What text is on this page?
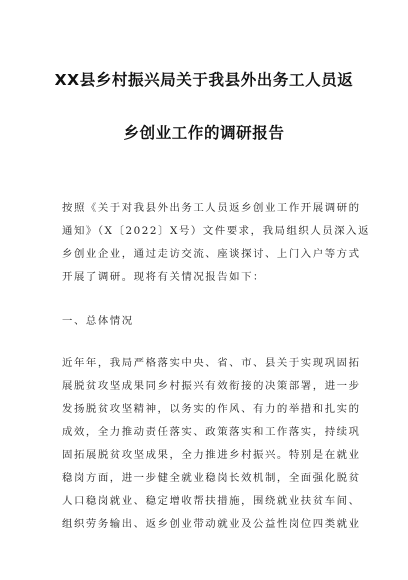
XX县乡村振兴局关于我县外出务工人员返
乡创业工作的调研报告
按照《关于对我县外出务工人员返乡创业工作开展调研的
通知》（X〔2022〕X号）文件要求，我局组织人员深入返
乡创业企业，通过走访交流、座谈探讨、上门入户等方式
开展了调研。现将有关情况报告如下：
一、总体情况
近年年，我局严格落实中央、省、市、县关于实现巩固拓
展脱贫攻坚成果同乡村振兴有效衔接的决策部署，进一步
发扬脱贫攻坚精神，以务实的作风、有力的举措和扎实的
成效，全力推动责任落实、政策落实和工作落实，持续巩
固拓展脱贫攻坚成果，全力推进乡村振兴。特别是在就业
稳岗方面，进一步健全就业稳岗长效机制，全面强化脱贫
人口稳岗就业、稳定增收帮扶措施，围绕就业扶贫车间、
组织劳务输出、返乡创业带动就业及公益性岗位四类就业
